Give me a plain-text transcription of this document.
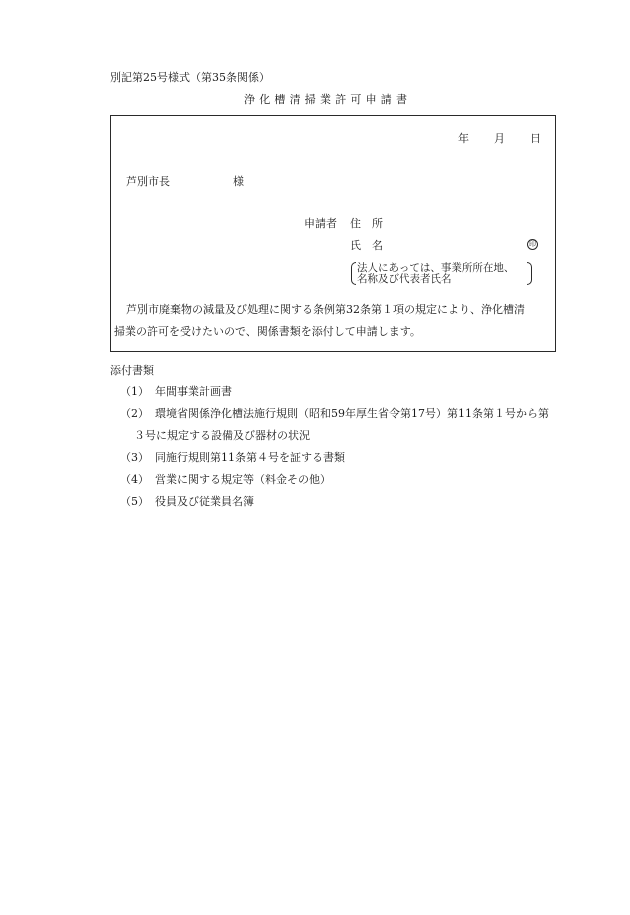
別記第25号様式（第35条関係）
浄化槽清掃業許可申請書
年 月 日
芦別市長	様
申請者 住　所
氏　名	印
法人にあっては、事業所所在地、
名称及び代表者氏名
芦別市廃棄物の減量及び処理に関する条例第32条第１項の規定により、浄化槽清
掃業の許可を受けたいので、関係書類を添付して申請します。
添付書類
（1） 年間事業計画書
（2） 環境省関係浄化槽法施行規則（昭和59年厚生省令第17号）第11条第１号から第
３号に規定する設備及び器材の状況
（3） 同施行規則第11条第４号を証する書類
（4） 営業に関する規定等（料金その他）
（5） 役員及び従業員名簿
